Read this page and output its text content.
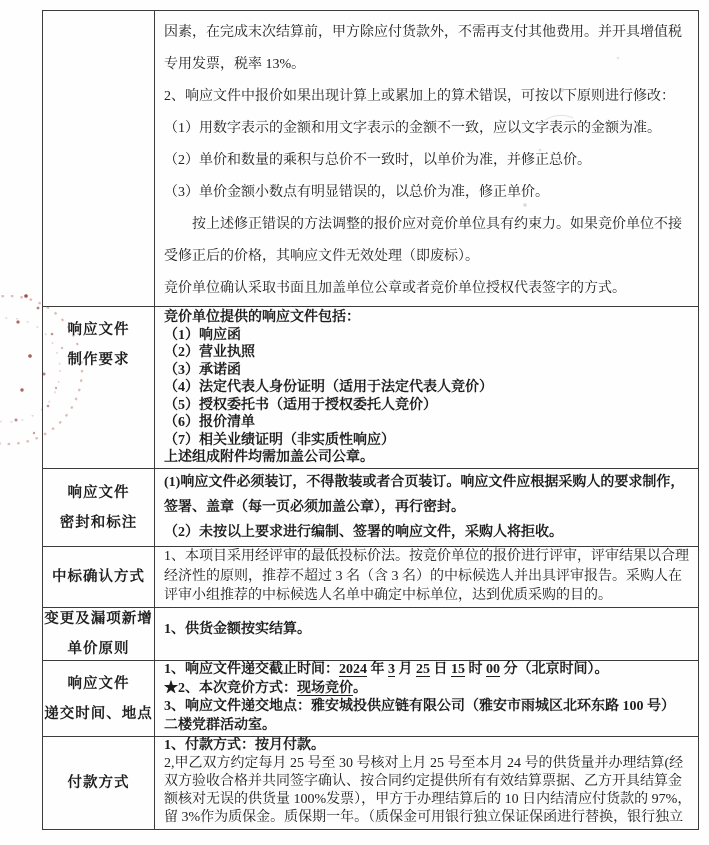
因素，在完成末次结算前，甲方除应付货款外，不需再支付其他费用。并开具增值税
专用发票，税率 13%。
2、响应文件中报价如果出现计算上或累加上的算术错误，可按以下原则进行修改：
（1）用数字表示的金额和用文字表示的金额不一致，应以文字表示的金额为准。
（2）单价和数量的乘积与总价不一致时，以单价为准，并修正总价。
（3）单价金额小数点有明显错误的，以总价为准，修正单价。
　　按上述修正错误的方法调整的报价应对竞价单位具有约束力。如果竞价单位不接
受修正后的价格，其响应文件无效处理（即废标）。
竞价单位确认采取书面且加盖单位公章或者竞价单位授权代表签字的方式。
响应文件
制作要求
竞价单位提供的响应文件包括：
（1）响应函
（2）营业执照
（3）承诺函
（4）法定代表人身份证明（适用于法定代表人竞价）
（5）授权委托书（适用于授权委托人竞价）
（6）报价清单
（7）相关业绩证明（非实质性响应）
上述组成附件均需加盖公司公章。
响应文件
密封和标注
(1)响应文件必须装订，不得散装或者合页装订。响应文件应根据采购人的要求制作，
签署、盖章（每一页必须加盖公章），再行密封。
（2）未按以上要求进行编制、签署的响应文件，采购人将拒收。
中标确认方式
1、本项目采用经评审的最低投标价法。按竞价单位的报价进行评审，评审结果以合理
经济性的原则，推荐不超过 3 名（含 3 名）的中标候选人并出具评审报告。采购人在
评审小组推荐的中标候选人名单中确定中标单位，达到优质采购的目的。
变更及漏项新增
单价原则
1、供货金额按实结算。
响应文件
递交时间、地点
1、响应文件递交截止时间：2024 年 3 月 25 日 15 时 00 分（北京时间）。
★2、本次竞价方式：现场竞价。
3、响应文件递交地点：雅安城投供应链有限公司（雅安市雨城区北环东路 100 号）
二楼党群活动室。
付款方式
1、付款方式：按月付款。
2,甲乙双方约定每月 25 号至 30 号核对上月 25 号至本月 24 号的供货量并办理结算(经
双方验收合格并共同签字确认、按合同约定提供所有有效结算票据、乙方开具结算金
额核对无误的供货量 100%发票），甲方于办理结算后的 10 日内结清应付货款的 97%，
留 3%作为质保金。质保期一年。（质保金可用银行独立保证保函进行替换，银行独立
